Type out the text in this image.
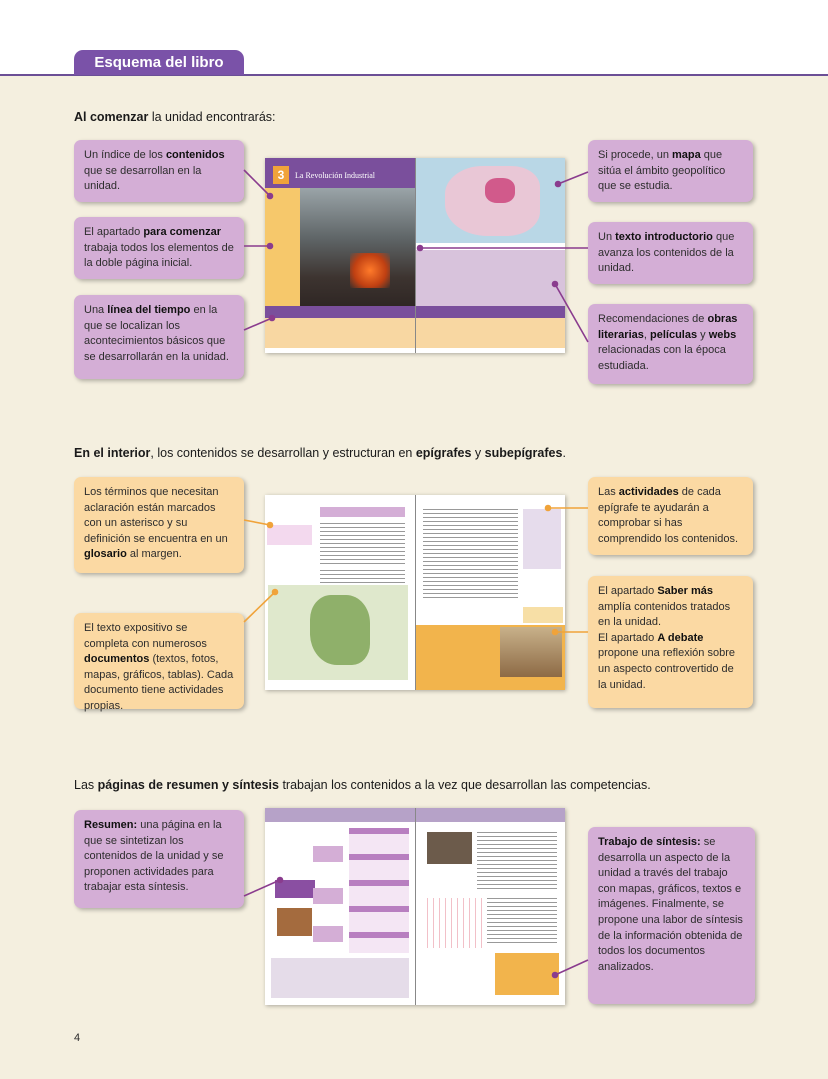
Esquema del libro
Al comenzar la unidad encontrarás:
Un índice de los contenidos que se desarrollan en la unidad.
El apartado para comenzar trabaja todos los elementos de la doble página inicial.
Una línea del tiempo en la que se localizan los acontecimientos básicos que se desarrollarán en la unidad.
Si procede, un mapa que sitúa el ámbito geopolítico que se estudia.
Un texto introductorio que avanza los contenidos de la unidad.
Recomendaciones de obras literarias, películas y webs relacionadas con la época estudiada.
3	La Revolución Industrial
En el interior, los contenidos se desarrollan y estructuran en epígrafes y subepígrafes.
Los términos que necesitan aclaración están marcados con un asterisco y su definición se encuentra en un glosario al margen.
El texto expositivo se completa con numerosos documentos (textos, fotos, mapas, gráficos, tablas). Cada documento tiene actividades propias.
Las actividades de cada epígrafe te ayudarán a comprobar si has comprendido los contenidos.
El apartado Saber más amplía contenidos tratados en la unidad.
El apartado A debate propone una reflexión sobre un aspecto controvertido de la unidad.
Las páginas de resumen y síntesis trabajan los contenidos a la vez que desarrollan las competencias.
Resumen: una página en la que se sintetizan los contenidos de la unidad y se proponen actividades para trabajar esta síntesis.
Trabajo de síntesis: se desarrolla un aspecto de la unidad a través del trabajo con mapas, gráficos, textos e imágenes. Finalmente, se propone una labor de síntesis de la información obtenida de todos los documentos analizados.
4
